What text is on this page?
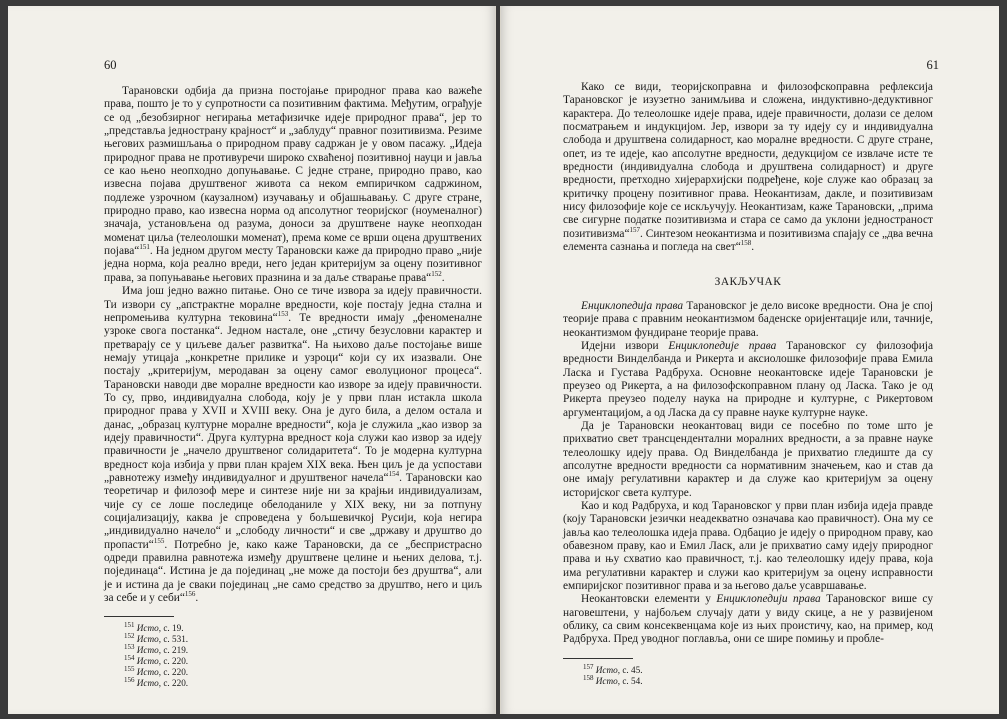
60

Тарановски одбија да призна постојање природног права као важеће права, пошто је то у супротности са позитивним фактима. Међутим, ограђује се од „безобзирног негирања метафизичке идеје природног права“, јер то „представља једнострану крајност“ и „заблуду“ правног позитивизма. Резиме његових размишљања о природном праву садржан је у овом пасажу. „Идеја природног права не противуречи широко схваћеној позитивној науци и јавља се као њено неопходно допуњавање. С једне стране, природно право, као извесна појава друштвеног живота са неком емпиричком садржином, подлеже узрочном (каузалном) изучавању и објашњавању. С друге стране, природно право, као извесна норма од апсолутног теоријског (ноуменалног) значаја, установљена од разума, доноси за друштвене науке неопходан моменат циља (телеолошки моменат), према коме се врши оцена друштвених појава“$^{151}$. На једном другом месту Тарановски каже да природно право „није једна норма, која реално вреди, него један критеријум за оцену позитивног права, за попуњавање његових празнина и за даље стварање права“$^{152}$.

Има још једно важно питање. Оно се тиче извора за идеју правичности. Ти извори су „апстрактне моралне вредности, које постају једна стална и непромењива културна тековина“$^{153}$. Те вредности имају „феноменалне узроке свога постанка“. Једном настале, оне „стичу безусловни карактер и претварају се у циљеве даљег развитка“. На њихово даље постојање више немају утицаја „конкретне прилике и узроци“ који су их изазвали. Оне постају „критеријум, меродаван за оцену самог еволуционог процеса“. Тарановски наводи две моралне вредности као изворе за идеју правичности. То су, прво, индивидуална слобода, коју је у први план истакла школа природног права у XVII и XVIII веку. Она је дуго била, а делом остала и данас, „образац културне моралне вредности“, која је служила „као извор за идеју правичности“. Друга културна вредност која служи као извор за идеју правичности је „начело друштвеног солидаритета“. То је модерна културна вредност која избија у први план крајем XIX века. Њен циљ је да успостави „равнотежу између индивидуалног и друштвеног начела“$^{154}$. Тарановски као теоретичар и филозоф мере и синтезе није ни за крајњи индивидуализам, чије су се лоше последице обелоданиле у XIX веку, ни за потпуну социјализацију, каква је спроведена у бољшевичкој Русији, која негира „индивидуално начело“ и „слободу личности“ и све „државу и друштво до пропасти“$^{155}$. Потребно је, како каже Тарановски, да се „беспристрасно одреди правилна равнотежа између друштвене целине и њених делова, т.ј. појединаца“. Истина је да појединац „не може да постоји без друштва“, али је и истина да је сваки појединац „не само средство за друштво, него и циљ за себе и у себи“$^{156}$.

$^{151}$ Исто, с. 19.

$^{152}$ Исто, с. 531.

$^{153}$ Исто, с. 219.

$^{154}$ Исто, с. 220.

$^{155}$ Исто, с. 220.

$^{156}$ Исто, с. 220.

61

Како се види, теоријскоправна и филозофскоправна рефлексија Тарановског је изузетно занимљива и сложена, индуктивно-дедуктивног карактера. До телеолошке идеје права, идеје правичности, долази се делом посматрањем и индукцијом. Јер, извори за ту идеју су и индивидуална слобода и друштвена солидарност, као моралне вредности. С друге стране, опет, из те идеје, као апсолутне вредности, дедукцијом се извлаче исте те вредности (индивидуална слобода и друштвена солидарност) и друге вредности, претходно хијерархијски подређене, које служе као образац за критичку процену позитивног права. Неокантизам, дакле, и позитивизам нису филозофије које се искључују. Неокантизам, каже Тарановски, „прима све сигурне податке позитивизма и стара се само да уклони једностраност позитивизма“$^{157}$. Синтезом неокантизма и позитивизма спајају се „два вечна елемента сазнања и погледа на свет“$^{158}$.

ЗАКЉУЧАК

Енциклопедија права Тарановског је дело високе вредности. Она је спој теорије права с правним неокантизмом баденске оријентације или, тачније, неокантизмом фундиране теорије права.

Идејни извори Енциклопедије права Тарановског су филозофија вредности Винделбанда и Рикерта и аксиолошке филозофије права Емила Ласка и Густава Радбруха. Основне неокантовске идеје Тарановски је преузео од Рикерта, а на филозофскоправном плану од Ласка. Тако је од Рикерта преузео поделу наука на природне и културне, с Рикертовом аргументацијом, а од Ласка да су правне науке културне науке.

Да је Тарановски неокантовац види се посебно по томе што је прихватио свет трансцендентални моралних вредности, а за правне науке телеолошку идеју права. Од Винделбанда је прихватио гледиште да су апсолутне вредности вредности са нормативним значењем, као и став да оне имају регулативни карактер и да служе као критеријум за оцену историјског света културе.

Као и код Радбруха, и код Тарановског у први план избија идеја правде (коју Тарановски језички неадекватно означава као правичност). Она му се јавља као телеолошка идеја права. Одбацио је идеју о природном праву, као обавезном праву, као и Емил Ласк, али је прихватио саму идеју природног права и њу схватио као правичност, т.ј. као телеолошку идеју права, која има регулативни карактер и служи као критеријум за оцену исправности емпиријског позитивног права и за његово даље усавршавање.

Неокантовски елементи у Енциклопедији права Тарановског више су наговештени, у најбољем случају дати у виду скице, а не у развијеном облику, са свим консеквенцама које из њих проистичу, као, на пример, код Радбруха. Пред уводног поглавља, они се шире помињу и пробле-

$^{157}$ Исто, с. 45.

$^{158}$ Исто, с. 54.
